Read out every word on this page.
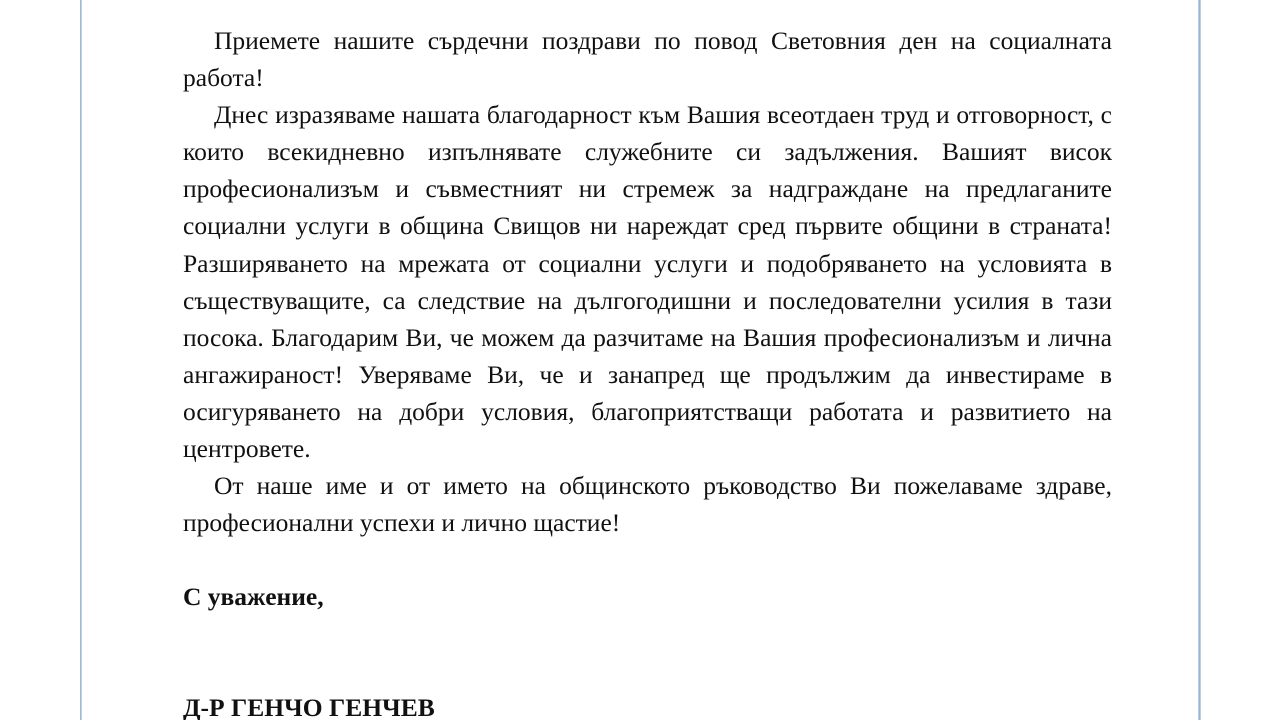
Приемете нашите сърдечни поздрави по повод Световния ден на социалната работа!

Днес изразяваме нашата благодарност към Вашия всеотдаен труд и отговорност, с които всекидневно изпълнявате служебните си задължения. Вашият висок професионализъм и съвместният ни стремеж за надграждане на предлаганите социални услуги в община Свищов ни нареждат сред първите общини в страната! Разширяването на мрежата от социални услуги и подобряването на условията в съществуващите, са следствие на дългогодишни и последователни усилия в тази посока. Благодарим Ви, че можем да разчитаме на Вашия професионализъм и лична ангажираност! Уверяваме Ви, че и занапред ще продължим да инвестираме в осигуряването на добри условия, благоприятстващи работата и развитието на центровете.

От наше име и от името на общинското ръководство Ви пожелаваме здраве, професионални успехи и лично щастие!

С уважение,

Д-Р ГЕНЧО ГЕНЧЕВ
